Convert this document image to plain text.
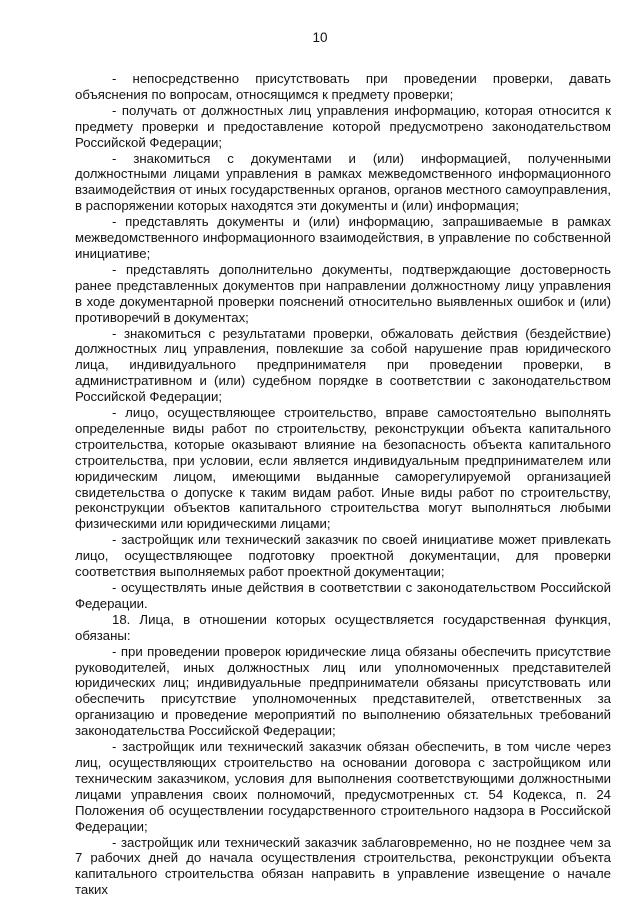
10

- непосредственно присутствовать при проведении проверки, давать объяснения по вопросам, относящимся к предмету проверки;

- получать от должностных лиц управления информацию, которая относится к предмету проверки и предоставление которой предусмотрено законодательством Российской Федерации;

- знакомиться с документами и (или) информацией, полученными должностными лицами управления в рамках межведомственного информационного взаимодействия от иных государственных органов, органов местного самоуправления, в распоряжении которых находятся эти документы и (или) информация;

- представлять документы и (или) информацию, запрашиваемые в рамках межведомственного информационного взаимодействия, в управление по собственной инициативе;

- представлять дополнительно документы, подтверждающие достоверность ранее представленных документов при направлении должностному лицу управления в ходе документарной проверки пояснений относительно выявленных ошибок и (или) противоречий в документах;

- знакомиться с результатами проверки, обжаловать действия (бездействие) должностных лиц управления, повлекшие за собой нарушение прав юридического лица, индивидуального предпринимателя при проведении проверки, в административном и (или) судебном порядке в соответствии с законодательством Российской Федерации;

- лицо, осуществляющее строительство, вправе самостоятельно выполнять определенные виды работ по строительству, реконструкции объекта капитального строительства, которые оказывают влияние на безопасность объекта капитального строительства, при условии, если является индивидуальным предпринимателем или юридическим лицом, имеющими выданные саморегулируемой организацией свидетельства о допуске к таким видам работ. Иные виды работ по строительству, реконструкции объектов капитального строительства могут выполняться любыми физическими или юридическими лицами;

- застройщик или технический заказчик по своей инициативе может привлекать лицо, осуществляющее подготовку проектной документации, для проверки соответствия выполняемых работ проектной документации;

- осуществлять иные действия в соответствии с законодательством Российской Федерации.

18. Лица, в отношении которых осуществляется государственная функция, обязаны:

- при проведении проверок юридические лица обязаны обеспечить присутствие руководителей, иных должностных лиц или уполномоченных представителей юридических лиц; индивидуальные предприниматели обязаны присутствовать или обеспечить присутствие уполномоченных представителей, ответственных за организацию и проведение мероприятий по выполнению обязательных требований законодательства Российской Федерации;

- застройщик или технический заказчик обязан обеспечить, в том числе через лиц, осуществляющих строительство на основании договора с застройщиком или техническим заказчиком, условия для выполнения соответствующими должностными лицами управления своих полномочий, предусмотренных ст. 54 Кодекса, п. 24 Положения об осуществлении государственного строительного надзора в Российской Федерации;

- застройщик или технический заказчик заблаговременно, но не позднее чем за 7 рабочих дней до начала осуществления строительства, реконструкции объекта капитального строительства обязан направить в управление извещение о начале таких
